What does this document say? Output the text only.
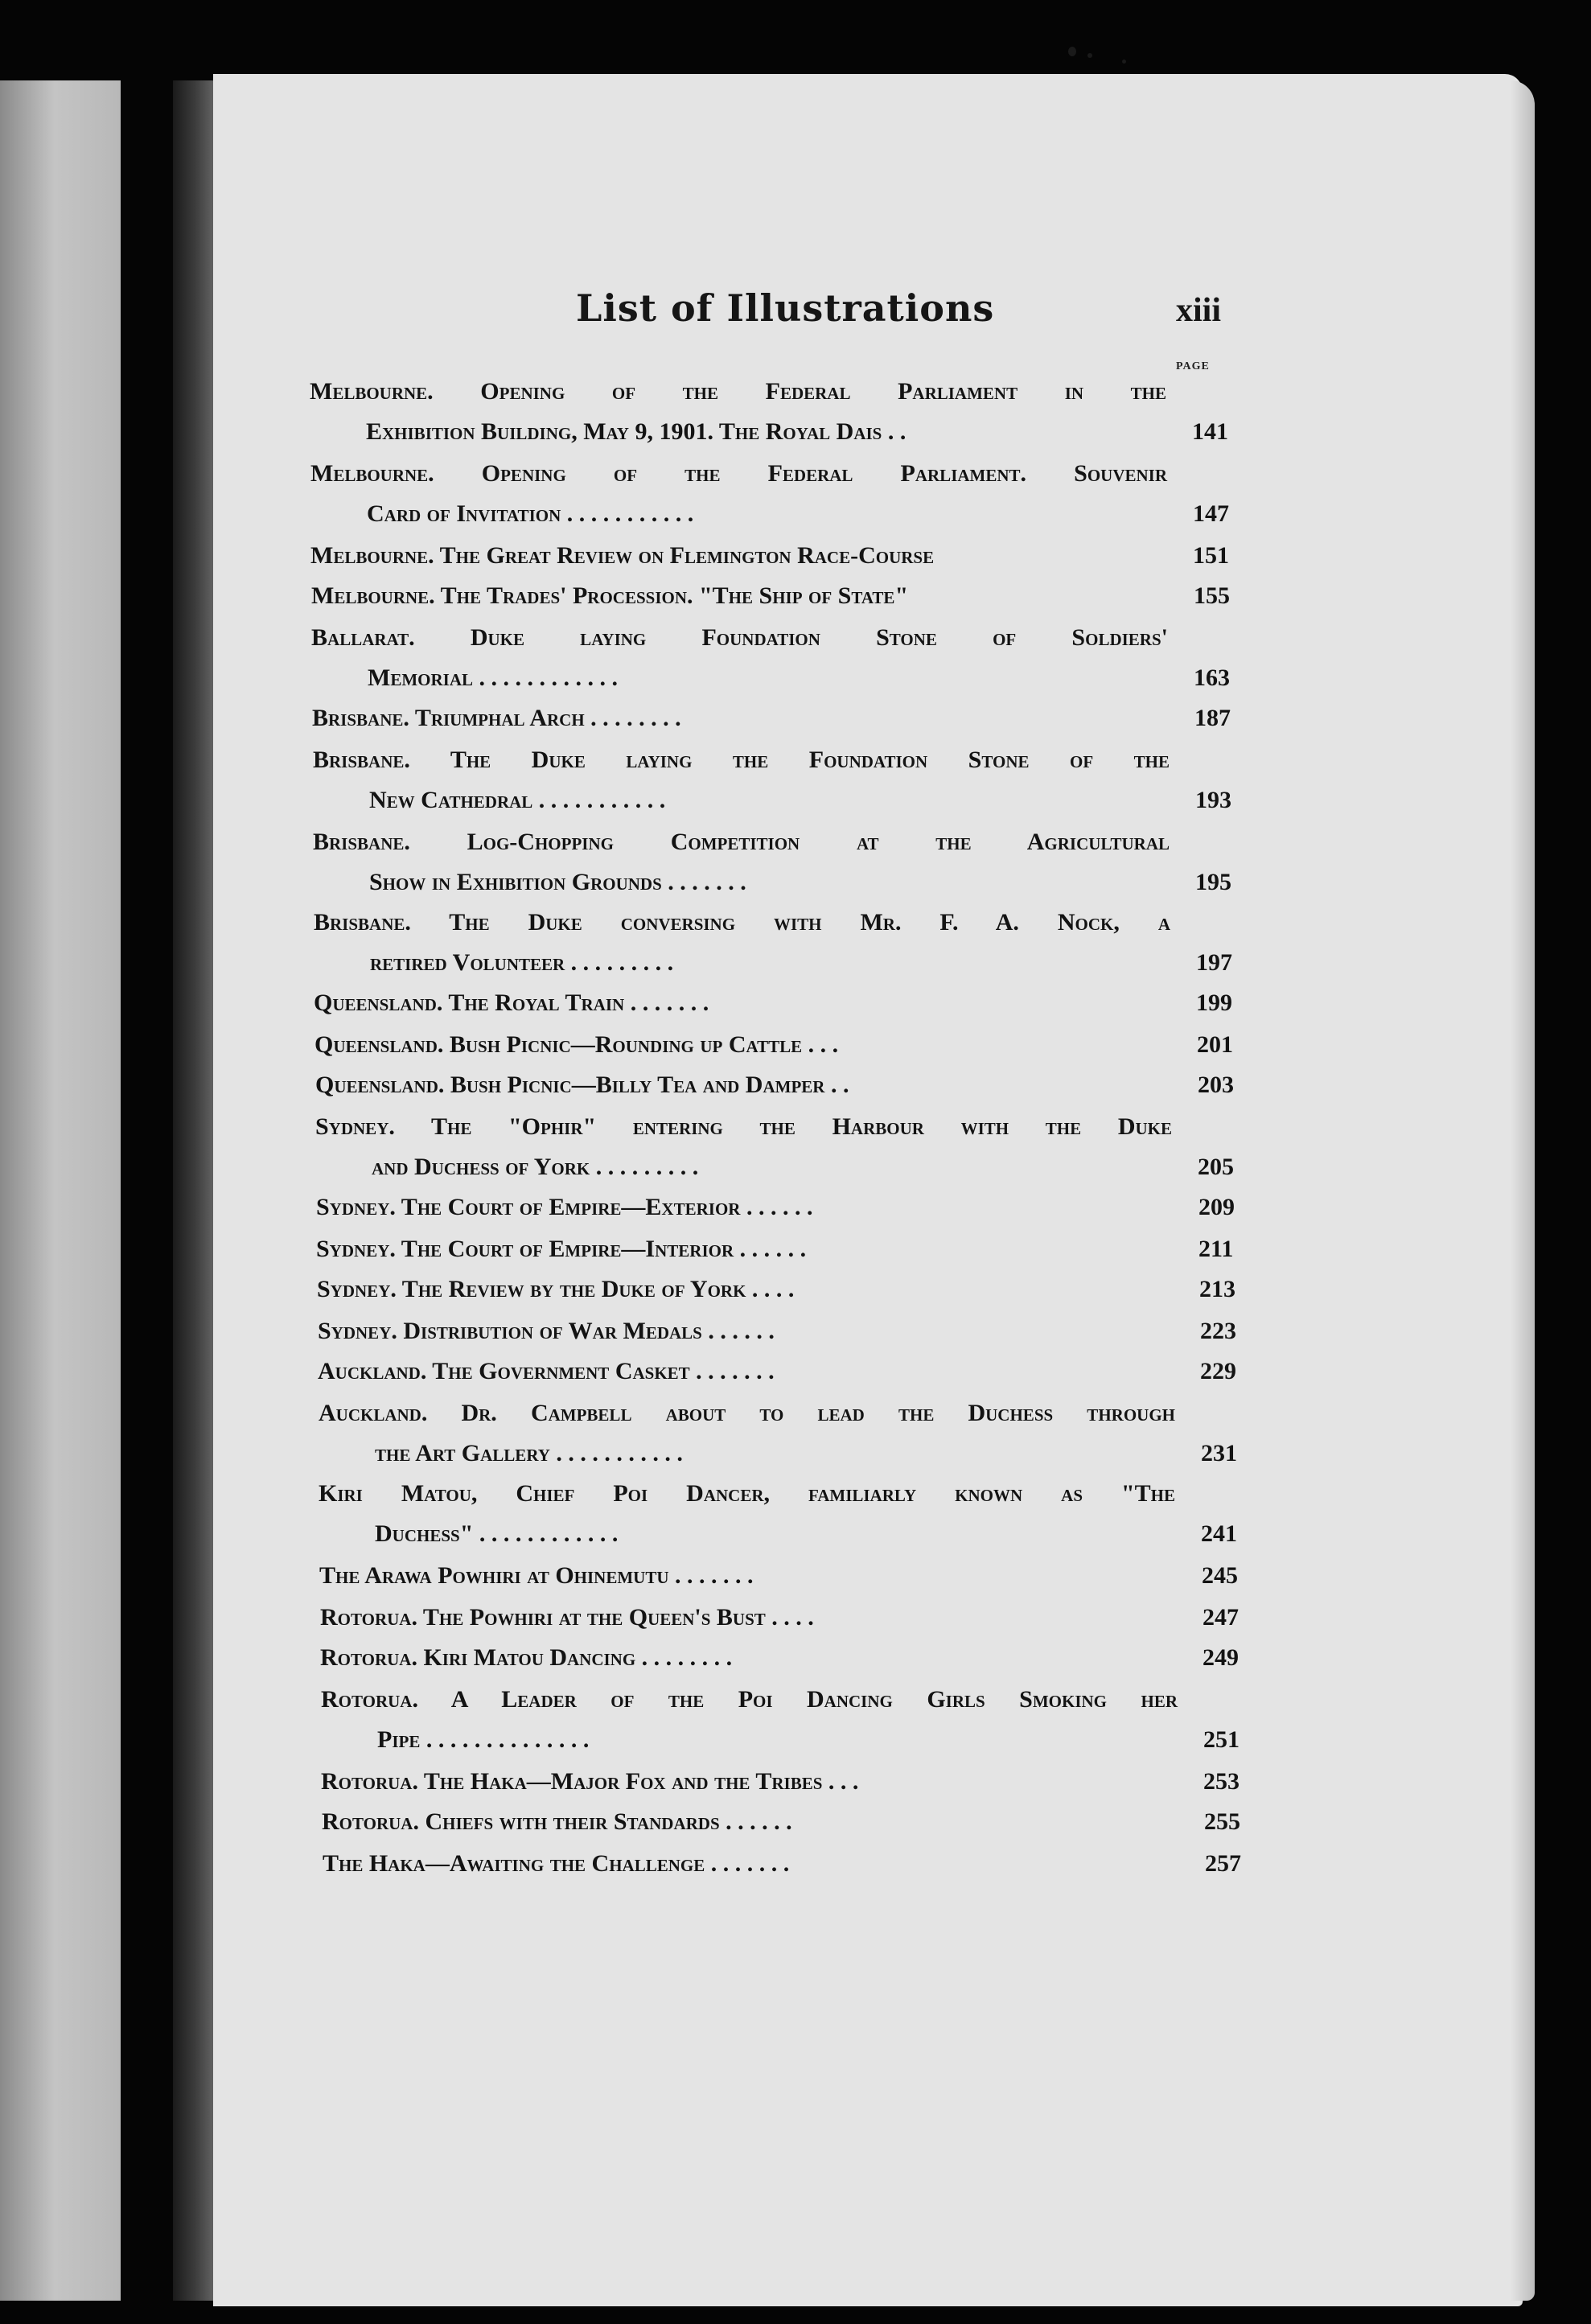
List of Illustrations	xiii
PAGE
Melbourne. Opening of the Federal Parliament in the
Exhibition Building, May 9, 1901. The Royal Dais . .	141
Melbourne. Opening of the Federal Parliament. Souvenir
Card of Invitation . . . . . . . . . . .	147
Melbourne. The Great Review on Flemington Race-Course	151
Melbourne. The Trades' Procession. "The Ship of State"	155
Ballarat. Duke laying Foundation Stone of Soldiers'
Memorial . . . . . . . . . . . .	163
Brisbane. Triumphal Arch . . . . . . . .	187
Brisbane. The Duke laying the Foundation Stone of the
New Cathedral . . . . . . . . . . .	193
Brisbane. Log-Chopping Competition at the Agricultural
Show in Exhibition Grounds . . . . . . .	195
Brisbane. The Duke conversing with Mr. F. A. Nock, a
retired Volunteer . . . . . . . . .	197
Queensland. The Royal Train . . . . . . .	199
Queensland. Bush Picnic—Rounding up Cattle . . .	201
Queensland. Bush Picnic—Billy Tea and Damper . .	203
Sydney. The "Ophir" entering the Harbour with the Duke
and Duchess of York . . . . . . . . .	205
Sydney. The Court of Empire—Exterior . . . . . .	209
Sydney. The Court of Empire—Interior . . . . . .	211
Sydney. The Review by the Duke of York . . . .	213
Sydney. Distribution of War Medals . . . . . .	223
Auckland. The Government Casket . . . . . . .	229
Auckland. Dr. Campbell about to lead the Duchess through
the Art Gallery . . . . . . . . . . .	231
Kiri Matou, Chief Poi Dancer, familiarly known as "The
Duchess" . . . . . . . . . . . .	241
The Arawa Powhiri at Ohinemutu . . . . . . .	245
Rotorua. The Powhiri at the Queen's Bust . . . .	247
Rotorua. Kiri Matou Dancing . . . . . . . .	249
Rotorua. A Leader of the Poi Dancing Girls Smoking her
Pipe . . . . . . . . . . . . . .	251
Rotorua. The Haka—Major Fox and the Tribes . . .	253
Rotorua. Chiefs with their Standards . . . . . .	255
The Haka—Awaiting the Challenge . . . . . . .	257
